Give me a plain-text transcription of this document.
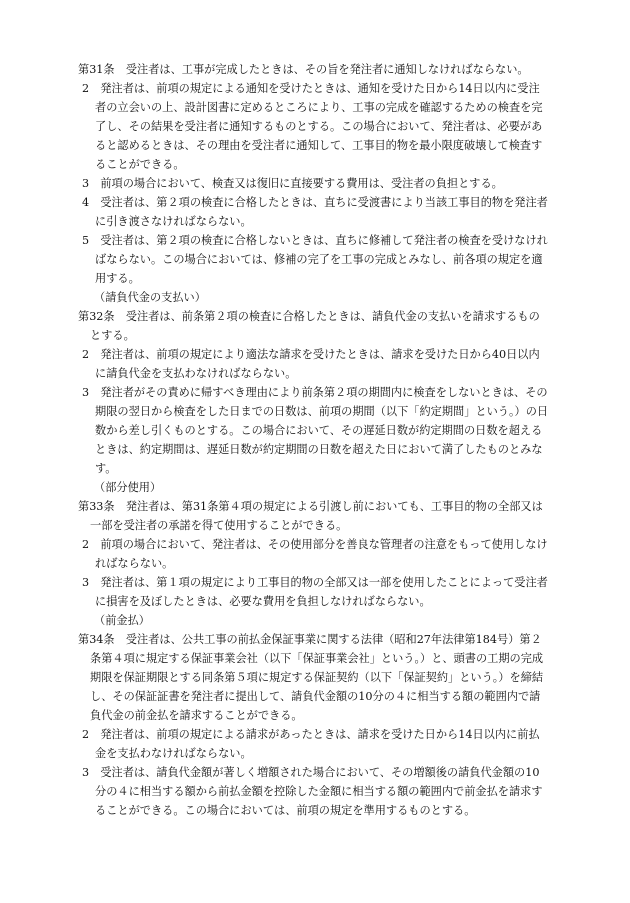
第31条　受注者は、工事が完成したときは、その旨を発注者に通知しなければならない。

2　発注者は、前項の規定による通知を受けたときは、通知を受けた日から14日以内に受注者の立会いの上、設計図書に定めるところにより、工事の完成を確認するための検査を完了し、その結果を受注者に通知するものとする。この場合において、発注者は、必要があると認めるときは、その理由を受注者に通知して、工事目的物を最小限度破壊して検査することができる。

3　前項の場合において、検査又は復旧に直接要する費用は、受注者の負担とする。

4　受注者は、第２項の検査に合格したときは、直ちに受渡書により当該工事目的物を発注者に引き渡さなければならない。

5　受注者は、第２項の検査に合格しないときは、直ちに修補して発注者の検査を受けなければならない。この場合においては、修補の完了を工事の完成とみなし、前各項の規定を適用する。

（請負代金の支払い）

第32条　受注者は、前条第２項の検査に合格したときは、請負代金の支払いを請求するものとする。

2　発注者は、前項の規定により適法な請求を受けたときは、請求を受けた日から40日以内に請負代金を支払わなければならない。

3　発注者がその責めに帰すべき理由により前条第２項の期間内に検査をしないときは、その期限の翌日から検査をした日までの日数は、前項の期間（以下「約定期間」という。）の日数から差し引くものとする。この場合において、その遅延日数が約定期間の日数を超えるときは、約定期間は、遅延日数が約定期間の日数を超えた日において満了したものとみなす。

（部分使用）

第33条　発注者は、第31条第４項の規定による引渡し前においても、工事目的物の全部又は一部を受注者の承諾を得て使用することができる。

2　前項の場合において、発注者は、その使用部分を善良な管理者の注意をもって使用しなければならない。

3　発注者は、第１項の規定により工事目的物の全部又は一部を使用したことによって受注者に損害を及ぼしたときは、必要な費用を負担しなければならない。

（前金払）

第34条　受注者は、公共工事の前払金保証事業に関する法律（昭和27年法律第184号）第２条第４項に規定する保証事業会社（以下「保証事業会社」という。）と、頭書の工期の完成期限を保証期限とする同条第５項に規定する保証契約（以下「保証契約」という。）を締結し、その保証証書を発注者に提出して、請負代金額の10分の４に相当する額の範囲内で請負代金の前金払を請求することができる。

2　発注者は、前項の規定による請求があったときは、請求を受けた日から14日以内に前払金を支払わなければならない。

3　受注者は、請負代金額が著しく増額された場合において、その増額後の請負代金額の10分の４に相当する額から前払金額を控除した金額に相当する額の範囲内で前金払を請求することができる。この場合においては、前項の規定を準用するものとする。
